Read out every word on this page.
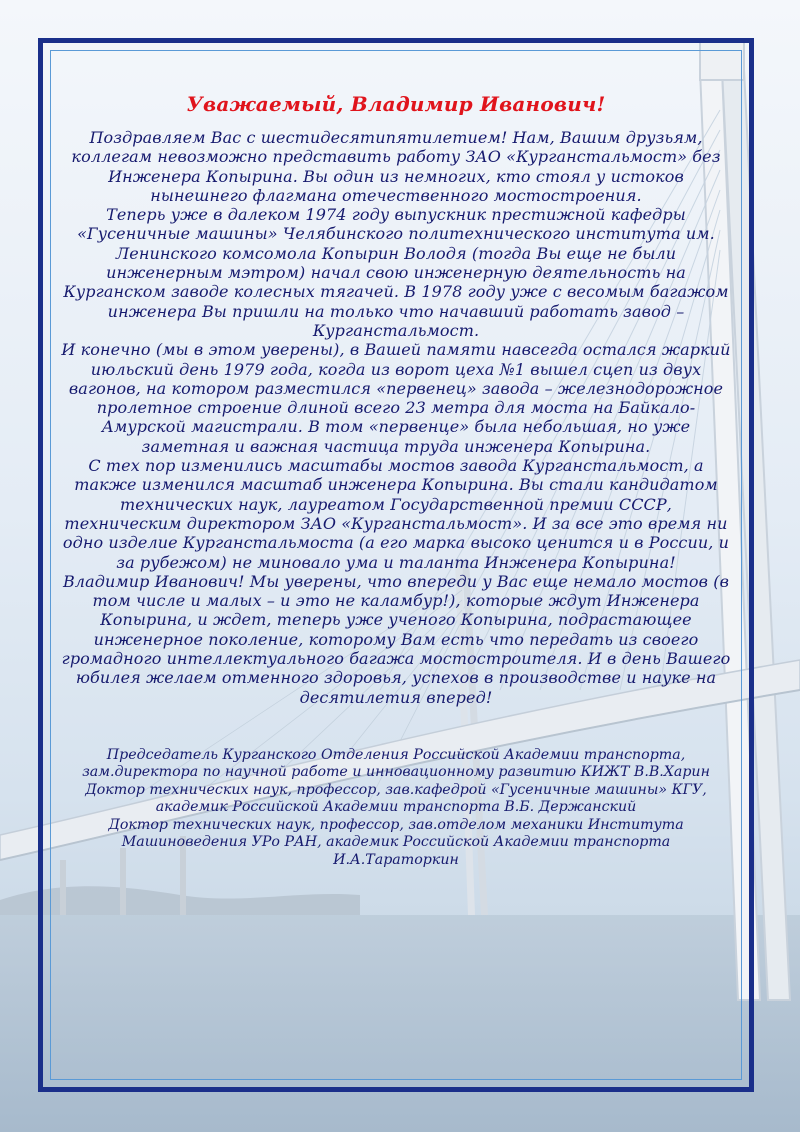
Уважаемый, Владимир Иванович!

Поздравляем Вас с шестидесятипятилетием! Нам, Вашим друзьям, коллегам невозможно представить работу ЗАО «Курганстальмост» без Инженера Копырина. Вы один из немногих, кто стоял у истоков нынешнего флагмана отечественного мостостроения.

Теперь уже в далеком 1974 году выпускник престижной кафедры «Гусеничные машины» Челябинского политехнического института им. Ленинского комсомола Копырин Володя (тогда Вы еще не были инженерным мэтром) начал свою инженерную деятельность на Курганском заводе колесных тягачей. В 1978 году уже с весомым багажом инженера Вы пришли на только что начавший работать завод – Курганстальмост.

И конечно (мы в этом уверены), в Вашей памяти навсегда остался жаркий июльский день 1979 года, когда из ворот цеха №1 вышел сцеп из двух вагонов, на котором разместился «первенец» завода – железнодорожное пролетное строение длиной всего 23 метра для моста на Байкало-Амурской магистрали. В том «первенце» была небольшая, но уже заметная и важная частица труда инженера Копырина.

С тех пор изменились масштабы мостов завода Курганстальмост, а также изменился масштаб инженера Копырина. Вы стали кандидатом технических наук, лауреатом Государственной премии СССР, техническим директором ЗАО «Курганстальмост». И за все это время ни одно изделие Курганстальмоста (а его марка высоко ценится и в России, и за рубежом) не миновало ума и таланта Инженера Копырина!

Владимир Иванович! Мы уверены, что впереди у Вас еще немало мостов (в том числе и малых – и это не каламбур!), которые ждут Инженера Копырина, и ждет, теперь уже ученого Копырина, подрастающее инженерное поколение, которому Вам есть что передать из своего громадного интеллектуального багажа мостостроителя. И в день Вашего юбилея желаем отменного здоровья, успехов в производстве и науке на десятилетия вперед!

Председатель Курганского Отделения Российской Академии транспорта, зам.директора по научной работе и инновационному развитию КИЖТ В.В.Харин

Доктор технических наук, профессор, зав.кафедрой «Гусеничные машины» КГУ, академик Российской Академии транспорта В.Б. Держанский

Доктор технических наук, профессор, зав.отделом механики Института Машиноведения УРо РАН, академик Российской Академии транспорта И.А.Тараторкин
